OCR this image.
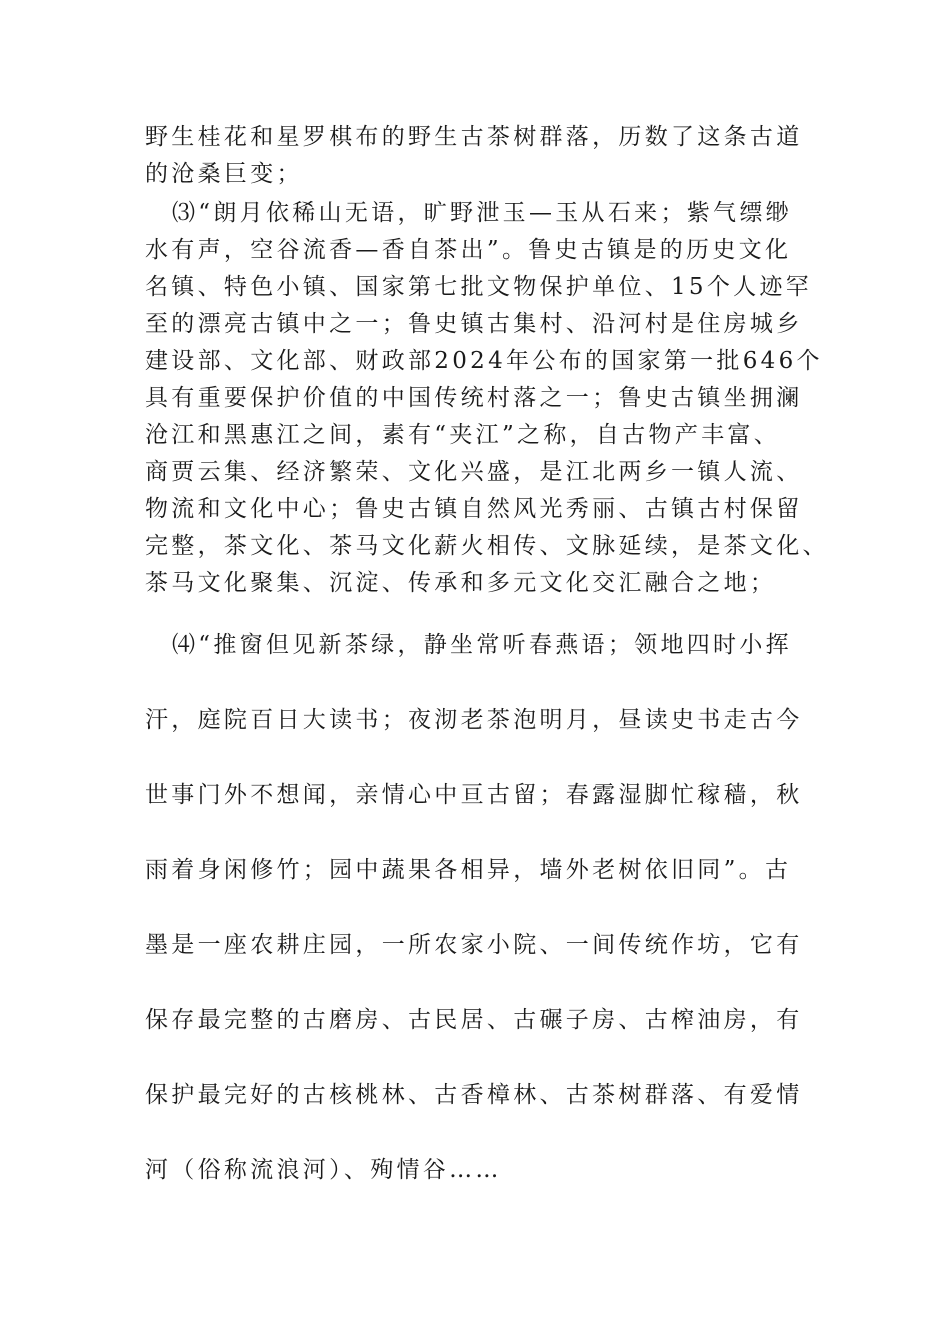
野生桂花和星罗棋布的野生古茶树群落，历数了这条古道
的沧桑巨变；
⑶“朗月依稀山无语，旷野泄玉—玉从石来；紫气缥缈
水有声，空谷流香—香自茶出”。鲁史古镇是的历史文化
名镇、特色小镇、国家第七批文物保护单位、15个人迹罕
至的漂亮古镇中之一；鲁史镇古集村、沿河村是住房城乡
建设部、文化部、财政部2024年公布的国家第一批646个
具有重要保护价值的中国传统村落之一；鲁史古镇坐拥澜
沧江和黑惠江之间，素有“夹江”之称，自古物产丰富、
商贾云集、经济繁荣、文化兴盛，是江北两乡一镇人流、
物流和文化中心；鲁史古镇自然风光秀丽、古镇古村保留
完整，茶文化、茶马文化薪火相传、文脉延续，是茶文化、
茶马文化聚集、沉淀、传承和多元文化交汇融合之地；
⑷“推窗但见新茶绿，静坐常听春燕语；领地四时小挥
汗，庭院百日大读书；夜沏老茶泡明月，昼读史书走古今
世事门外不想闻，亲情心中亘古留；春露湿脚忙稼穑，秋
雨着身闲修竹；园中蔬果各相异，墙外老树依旧同”。古
墨是一座农耕庄园，一所农家小院、一间传统作坊，它有
保存最完整的古磨房、古民居、古碾子房、古榨油房，有
保护最完好的古核桃林、古香樟林、古茶树群落、有爱情
河（俗称流浪河）、殉情谷……
